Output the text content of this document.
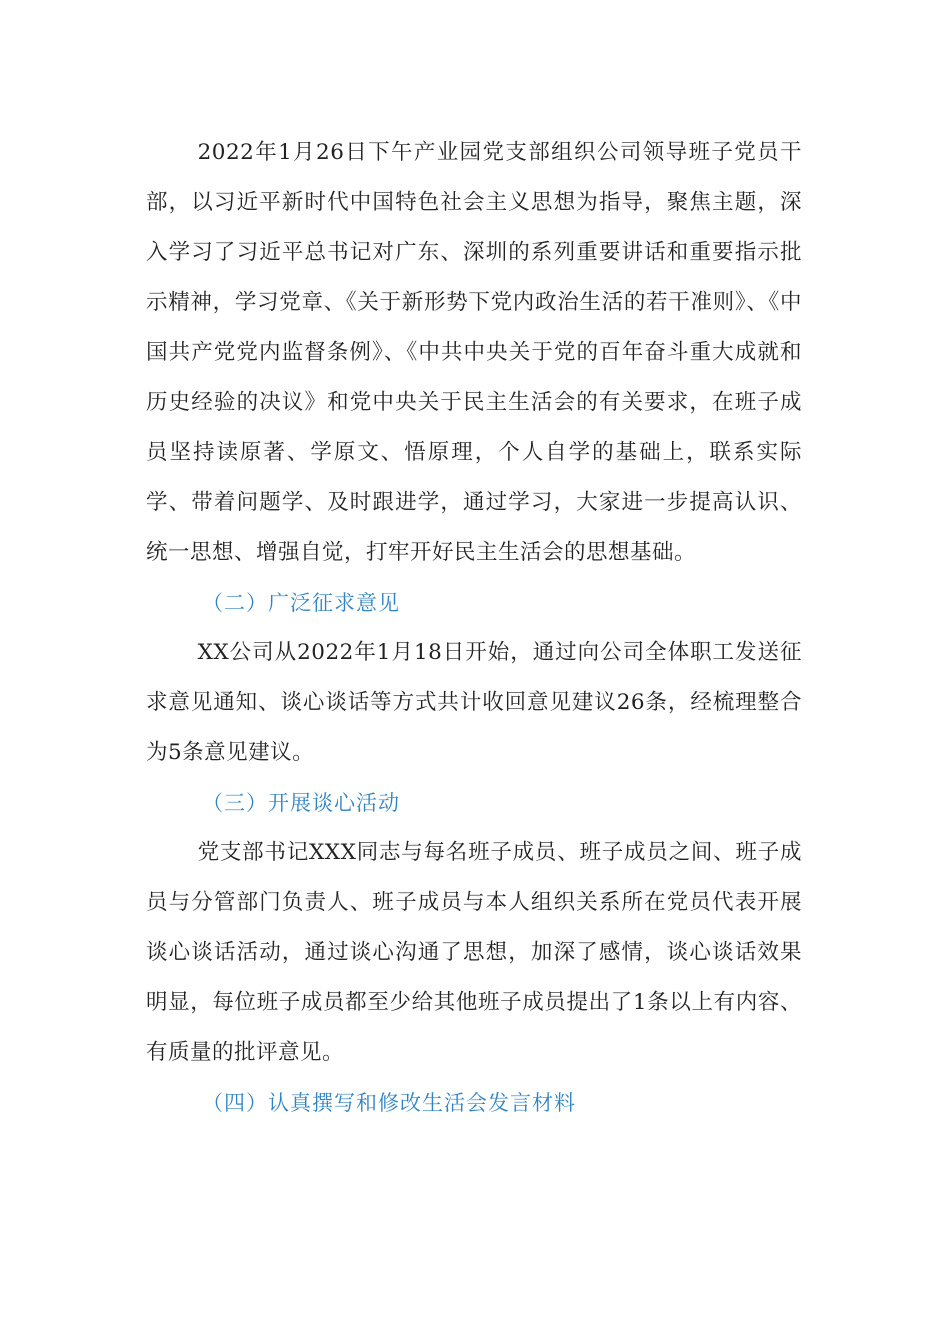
2022年1月26日下午产业园党支部组织公司领导班子党员干部，以习近平新时代中国特色社会主义思想为指导，聚焦主题，深入学习了习近平总书记对广东、深圳的系列重要讲话和重要指示批示精神，学习党章、《关于新形势下党内政治生活的若干准则》、《中国共产党党内监督条例》、《中共中央关于党的百年奋斗重大成就和历史经验的决议》和党中央关于民主生活会的有关要求，在班子成员坚持读原著、学原文、悟原理，个人自学的基础上，联系实际学、带着问题学、及时跟进学，通过学习，大家进一步提高认识、统一思想、增强自觉，打牢开好民主生活会的思想基础。

（二）广泛征求意见

XX公司从2022年1月18日开始，通过向公司全体职工发送征求意见通知、谈心谈话等方式共计收回意见建议26条，经梳理整合为5条意见建议。

（三）开展谈心活动

党支部书记XXX同志与每名班子成员、班子成员之间、班子成员与分管部门负责人、班子成员与本人组织关系所在党员代表开展谈心谈话活动，通过谈心沟通了思想，加深了感情，谈心谈话效果明显，每位班子成员都至少给其他班子成员提出了1条以上有内容、有质量的批评意见。

（四）认真撰写和修改生活会发言材料
